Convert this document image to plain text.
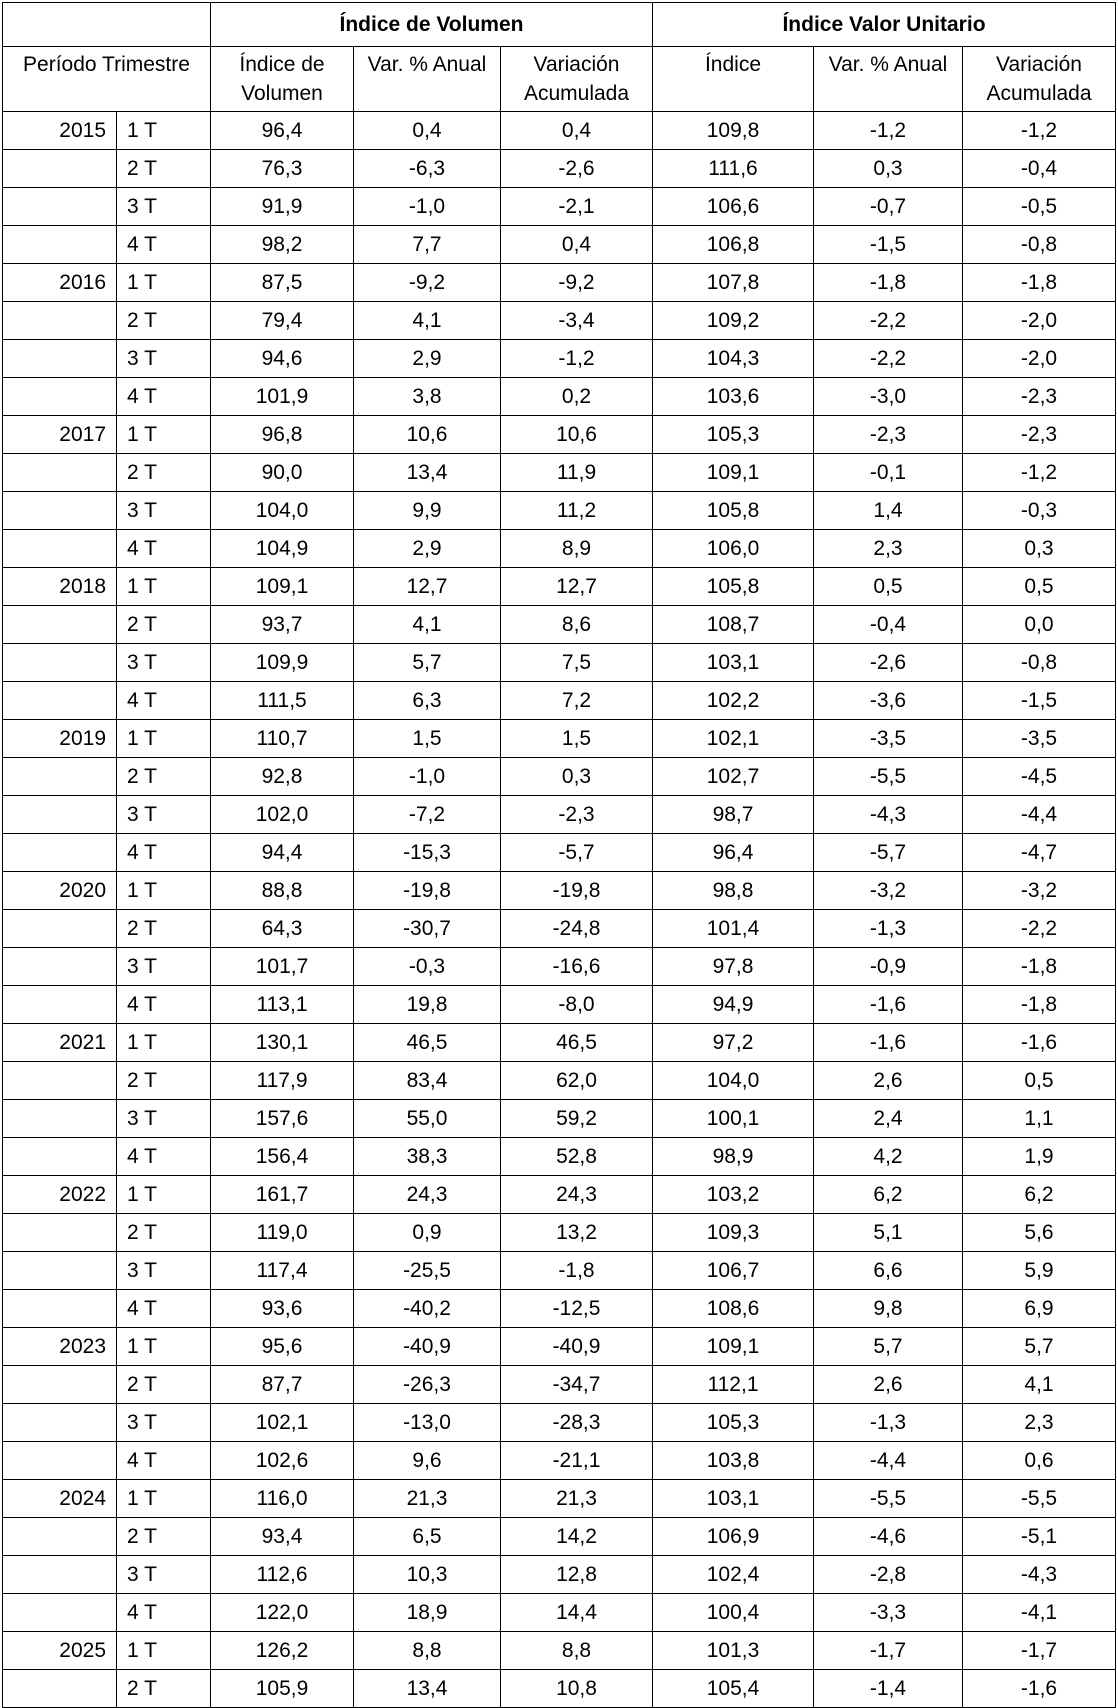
		Índice de Volumen			Índice Valor Unitario		
Período Trimestre		Índice de Volumen	Var. % Anual	Variación Acumulada	Índice	Var. % Anual	Variación Acumulada
2015	1 T	96,4	0,4	0,4	109,8	-1,2	-1,2
	2 T	76,3	-6,3	-2,6	111,6	0,3	-0,4
	3 T	91,9	-1,0	-2,1	106,6	-0,7	-0,5
	4 T	98,2	7,7	0,4	106,8	-1,5	-0,8
2016	1 T	87,5	-9,2	-9,2	107,8	-1,8	-1,8
	2 T	79,4	4,1	-3,4	109,2	-2,2	-2,0
	3 T	94,6	2,9	-1,2	104,3	-2,2	-2,0
	4 T	101,9	3,8	0,2	103,6	-3,0	-2,3
2017	1 T	96,8	10,6	10,6	105,3	-2,3	-2,3
	2 T	90,0	13,4	11,9	109,1	-0,1	-1,2
	3 T	104,0	9,9	11,2	105,8	1,4	-0,3
	4 T	104,9	2,9	8,9	106,0	2,3	0,3
2018	1 T	109,1	12,7	12,7	105,8	0,5	0,5
	2 T	93,7	4,1	8,6	108,7	-0,4	0,0
	3 T	109,9	5,7	7,5	103,1	-2,6	-0,8
	4 T	111,5	6,3	7,2	102,2	-3,6	-1,5
2019	1 T	110,7	1,5	1,5	102,1	-3,5	-3,5
	2 T	92,8	-1,0	0,3	102,7	-5,5	-4,5
	3 T	102,0	-7,2	-2,3	98,7	-4,3	-4,4
	4 T	94,4	-15,3	-5,7	96,4	-5,7	-4,7
2020	1 T	88,8	-19,8	-19,8	98,8	-3,2	-3,2
	2 T	64,3	-30,7	-24,8	101,4	-1,3	-2,2
	3 T	101,7	-0,3	-16,6	97,8	-0,9	-1,8
	4 T	113,1	19,8	-8,0	94,9	-1,6	-1,8
2021	1 T	130,1	46,5	46,5	97,2	-1,6	-1,6
	2 T	117,9	83,4	62,0	104,0	2,6	0,5
	3 T	157,6	55,0	59,2	100,1	2,4	1,1
	4 T	156,4	38,3	52,8	98,9	4,2	1,9
2022	1 T	161,7	24,3	24,3	103,2	6,2	6,2
	2 T	119,0	0,9	13,2	109,3	5,1	5,6
	3 T	117,4	-25,5	-1,8	106,7	6,6	5,9
	4 T	93,6	-40,2	-12,5	108,6	9,8	6,9
2023	1 T	95,6	-40,9	-40,9	109,1	5,7	5,7
	2 T	87,7	-26,3	-34,7	112,1	2,6	4,1
	3 T	102,1	-13,0	-28,3	105,3	-1,3	2,3
	4 T	102,6	9,6	-21,1	103,8	-4,4	0,6
2024	1 T	116,0	21,3	21,3	103,1	-5,5	-5,5
	2 T	93,4	6,5	14,2	106,9	-4,6	-5,1
	3 T	112,6	10,3	12,8	102,4	-2,8	-4,3
	4 T	122,0	18,9	14,4	100,4	-3,3	-4,1
2025	1 T	126,2	8,8	8,8	101,3	-1,7	-1,7
	2 T	105,9	13,4	10,8	105,4	-1,4	-1,6
